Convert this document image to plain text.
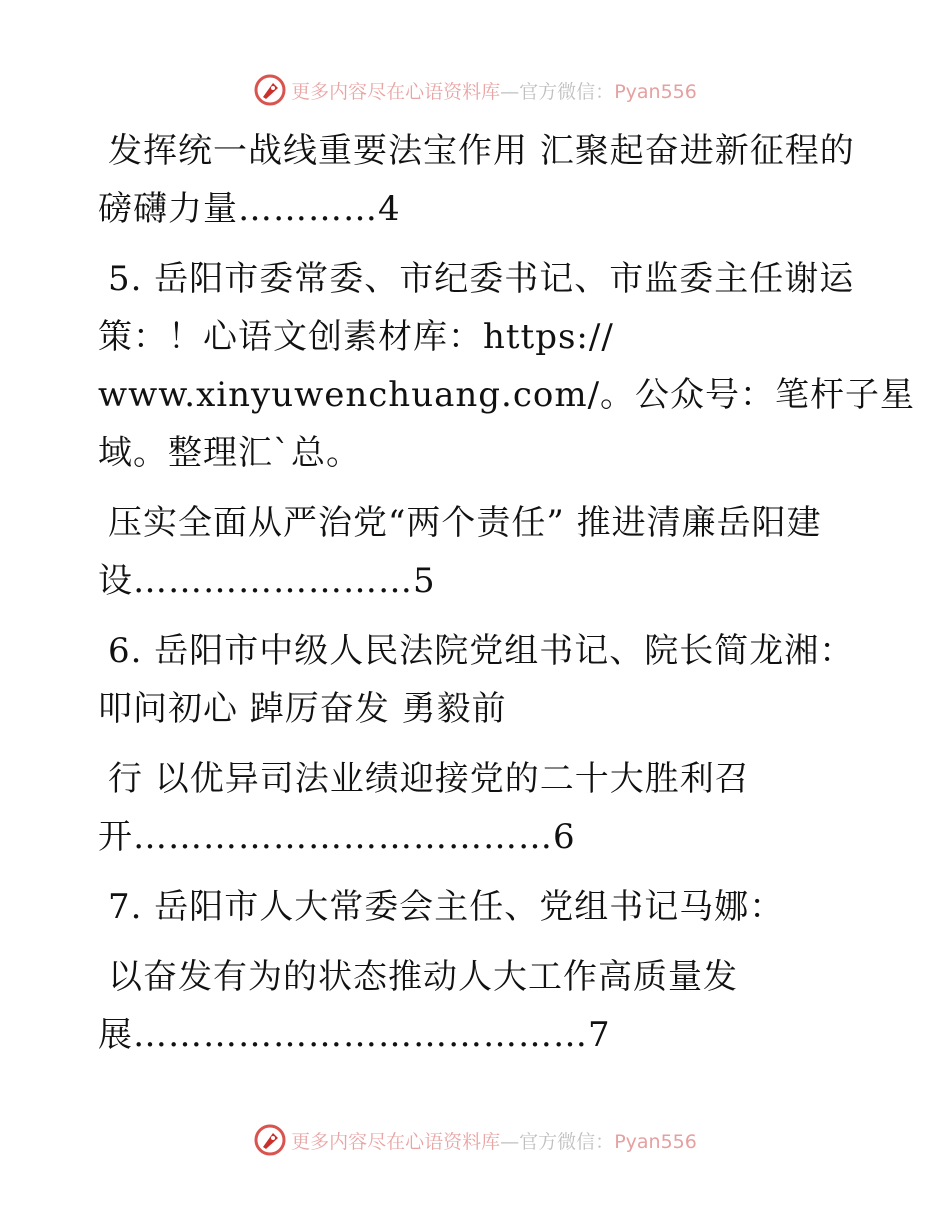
更多内容尽在心语资料库—官方微信：Pyan556
发挥统一战线重要法宝作用 汇聚起奋进新征程的
磅礴力量…………4
5. 岳阳市委常委、市纪委书记、市监委主任谢运
策：！心语文创素材库：https://
www.xinyuwenchuang.com/。公众号：笔杆子星
域。整理汇`总。
压实全面从严治党“两个责任” 推进清廉岳阳建
设……………………5
6. 岳阳市中级人民法院党组书记、院长简龙湘：
叩问初心 踔厉奋发 勇毅前
行 以优异司法业绩迎接党的二十大胜利召
开………………………………6
7. 岳阳市人大常委会主任、党组书记马娜：
以奋发有为的状态推动人大工作高质量发
展…………………………………7
更多内容尽在心语资料库—官方微信：Pyan556
